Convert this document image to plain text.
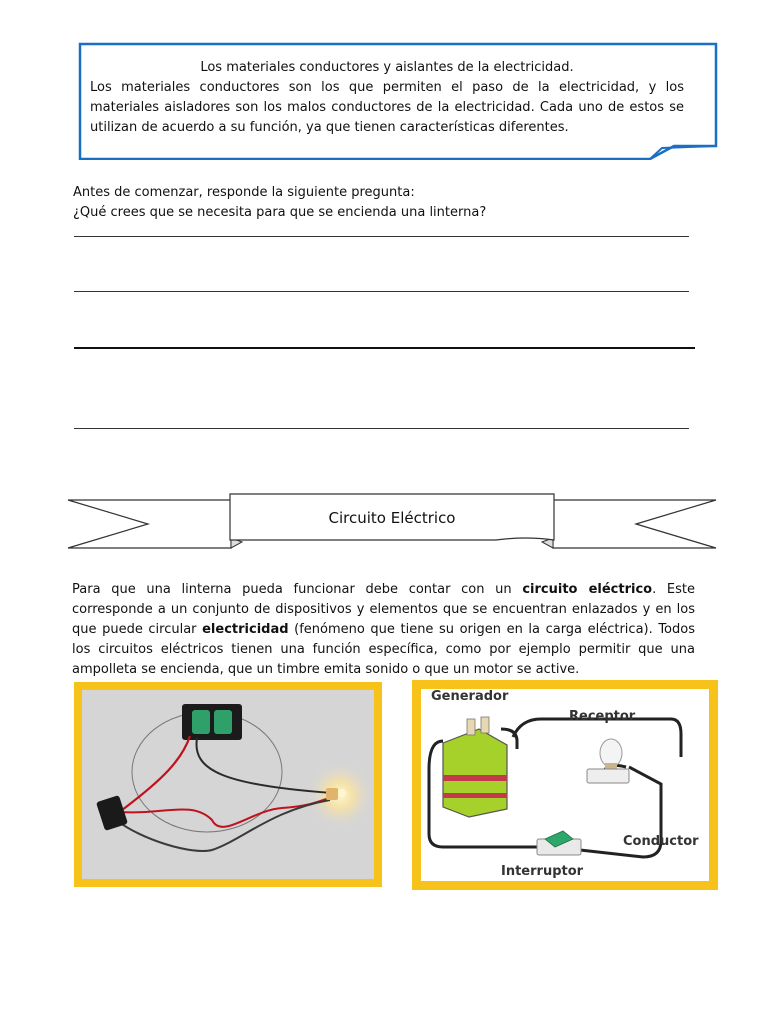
Los materiales conductores y aislantes de la electricidad.
Los materiales conductores son los que permiten el paso de la electricidad, y los materiales aisladores son los malos conductores de la electricidad. Cada uno de estos se utilizan de acuerdo a su función, ya que tienen características diferentes.
Antes de comenzar, responde la siguiente pregunta:
¿Qué crees que se necesita para que se encienda una linterna?
Circuito Eléctrico
Para que una linterna pueda funcionar debe contar con un circuito eléctrico. Este corresponde a un conjunto de dispositivos y elementos que se encuentran enlazados y en los que puede circular electricidad (fenómeno que tiene su origen en la carga eléctrica). Todos los circuitos eléctricos tienen una función específica, como por ejemplo permitir que una ampolleta se encienda, que un timbre emita sonido o que un motor se active.
Generador
Receptor
Conductor
Interruptor
